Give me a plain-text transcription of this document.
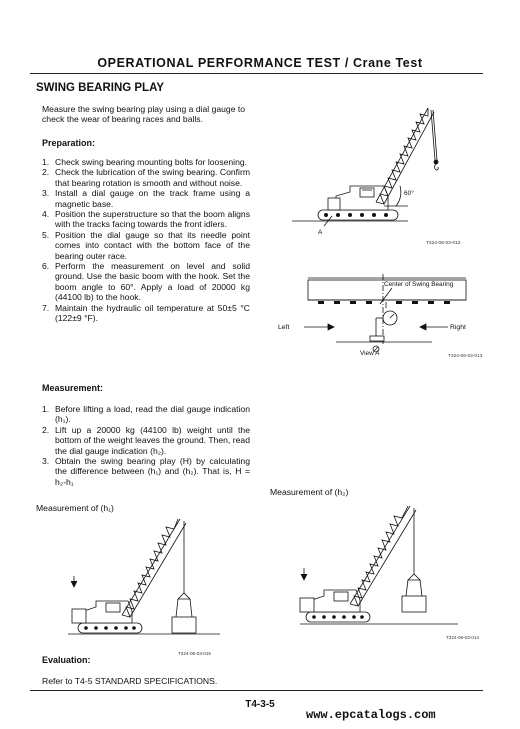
OPERATIONAL PERFORMANCE TEST / Crane Test
SWING BEARING PLAY
Measure the swing bearing play using a dial gauge to check the wear of bearing races and balls.
Preparation:
1. Check swing bearing mounting bolts for loosening.
2. Check the lubrication of the swing bearing. Confirm that bearing rotation is smooth and without noise.
3. Install a dial gauge on the track frame using a magnetic base.
4. Position the superstructure so that the boom aligns with the tracks facing towards the front idlers.
5. Position the dial gauge so that its needle point comes into contact with the bottom face of the bearing outer race.
6. Perform the measurement on level and solid ground. Use the basic boom with the hook. Set the boom angle to 60°. Apply a load of 20000 kg (44100 lb) to the hook.
7. Maintain the hydraulic oil temperature at 50±5 °C (122±9 °F).
Measurement:
1. Before lifting a load, read the dial gauge indication (h₁).
2. Lift up a 20000 kg (44100 lb) weight until the bottom of the weight leaves the ground. Then, read the dial gauge indication (h₂).
3. Obtain the swing bearing play (H) by calculating the difference between (h₁) and (h₂). That is, H = h₂-h₁
60°
A
T324-06-03-012
Center of Swing Bearing
Left	Right
View A	T324-06-03-013
Measurement of (h₂)
Measurement of (h₁)
T324-06-03-015
T324-06-03-014
Evaluation:
Refer to T4-5 STANDARD SPECIFICATIONS.
T4-3-5
www.epcatalogs.com
